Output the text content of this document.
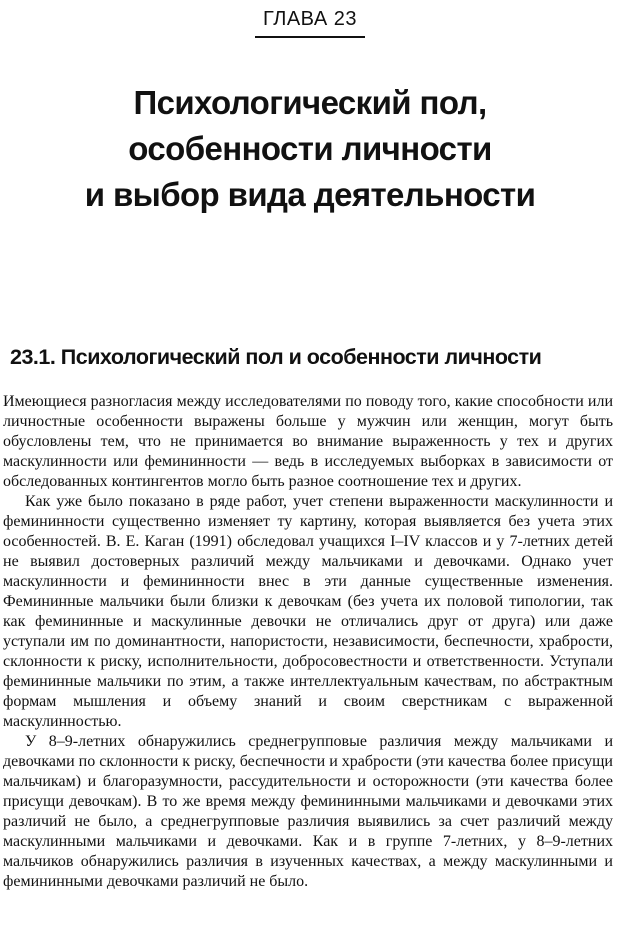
ГЛАВА 23
Психологический пол,
особенности личности
и выбор вида деятельности
23.1. Психологический пол и особенности личности

Имеющиеся разногласия между исследователями по поводу того, какие способности или личностные особенности выражены больше у мужчин или женщин, могут быть обусловлены тем, что не принимается во внимание выраженность у тех и других маскулинности или фемининности — ведь в исследуемых выборках в зависимости от обследованных контингентов могло быть разное соотношение тех и других.

Как уже было показано в ряде работ, учет степени выраженности маскулинности и фемининности существенно изменяет ту картину, которая выявляется без учета этих особенностей. В. Е. Каган (1991) обследовал учащихся I–IV классов и у 7-летних детей не выявил достоверных различий между мальчиками и девочками. Однако учет маскулинности и фемининности внес в эти данные существенные изменения. Фемининные мальчики были близки к девочкам (без учета их половой типологии, так как фемининные и маскулинные девочки не отличались друг от друга) или даже уступали им по доминантности, напористости, независимости, беспечности, храбрости, склонности к риску, исполнительности, добросовестности и ответственности. Уступали фемининные мальчики по этим, а также интеллектуальным качествам, по абстрактным формам мышления и объему знаний и своим сверстникам с выраженной маскулинностью.

У 8–9-летних обнаружились среднегрупповые различия между мальчиками и девочками по склонности к риску, беспечности и храбрости (эти качества более присущи мальчикам) и благоразумности, рассудительности и осторожности (эти качества более присущи девочкам). В то же время между фемининными мальчиками и девочками этих различий не было, а среднегрупповые различия выявились за счет различий между маскулинными мальчиками и девочками. Как и в группе 7-летних, у 8–9-летних мальчиков обнаружились различия в изученных качествах, а между маскулинными и фемининными девочками различий не было.
